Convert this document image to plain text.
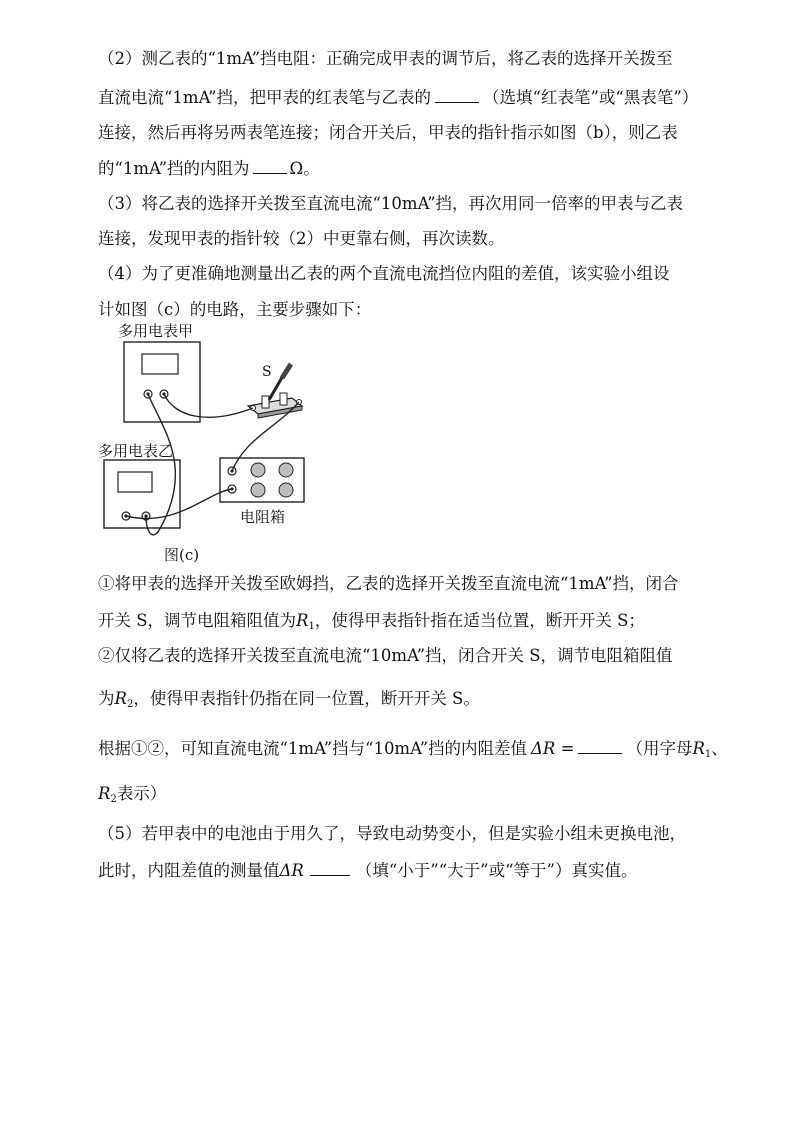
（2）测乙表的“1mA”挡电阻：正确完成甲表的调节后，将乙表的选择开关拨至
直流电流“1mA”挡，把甲表的红表笔与乙表的	（选填“红表笔”或“黑表笔”）
连接，然后再将另两表笔连接；闭合开关后，甲表的指针指示如图（b），则乙表
的“1mA”挡的内阻为 Ω。
（3）将乙表的选择开关拨至直流电流“10mA”挡，再次用同一倍率的甲表与乙表
连接，发现甲表的指针较（2）中更靠右侧，再次读数。
（4）为了更准确地测量出乙表的两个直流电流挡位内阻的差值，该实验小组设
计如图（c）的电路，主要步骤如下：
多用电表甲
多用电表乙
S
电阻箱
图(c)
①将甲表的选择开关拨至欧姆挡，乙表的选择开关拨至直流电流“1mA”挡，闭合
开关 S，调节电阻箱阻值为$R_1$，使得甲表指针指在适当位置，断开开关 S；
②仅将乙表的选择开关拨至直流电流“10mA”挡，闭合开关 S，调节电阻箱阻值
为$R_2$，使得甲表指针仍指在同一位置，断开开关 S。
根据①②，可知直流电流“1mA”挡与“10mA”挡的内阻差值 ΔR =	（用字母$R_1$、
$R_2$表示）
（5）若甲表中的电池由于用久了，导致电动势变小，但是实验小组未更换电池，
此时，内阻差值的测量值ΔR	（填“小于”“大于”或“等于”）真实值。
